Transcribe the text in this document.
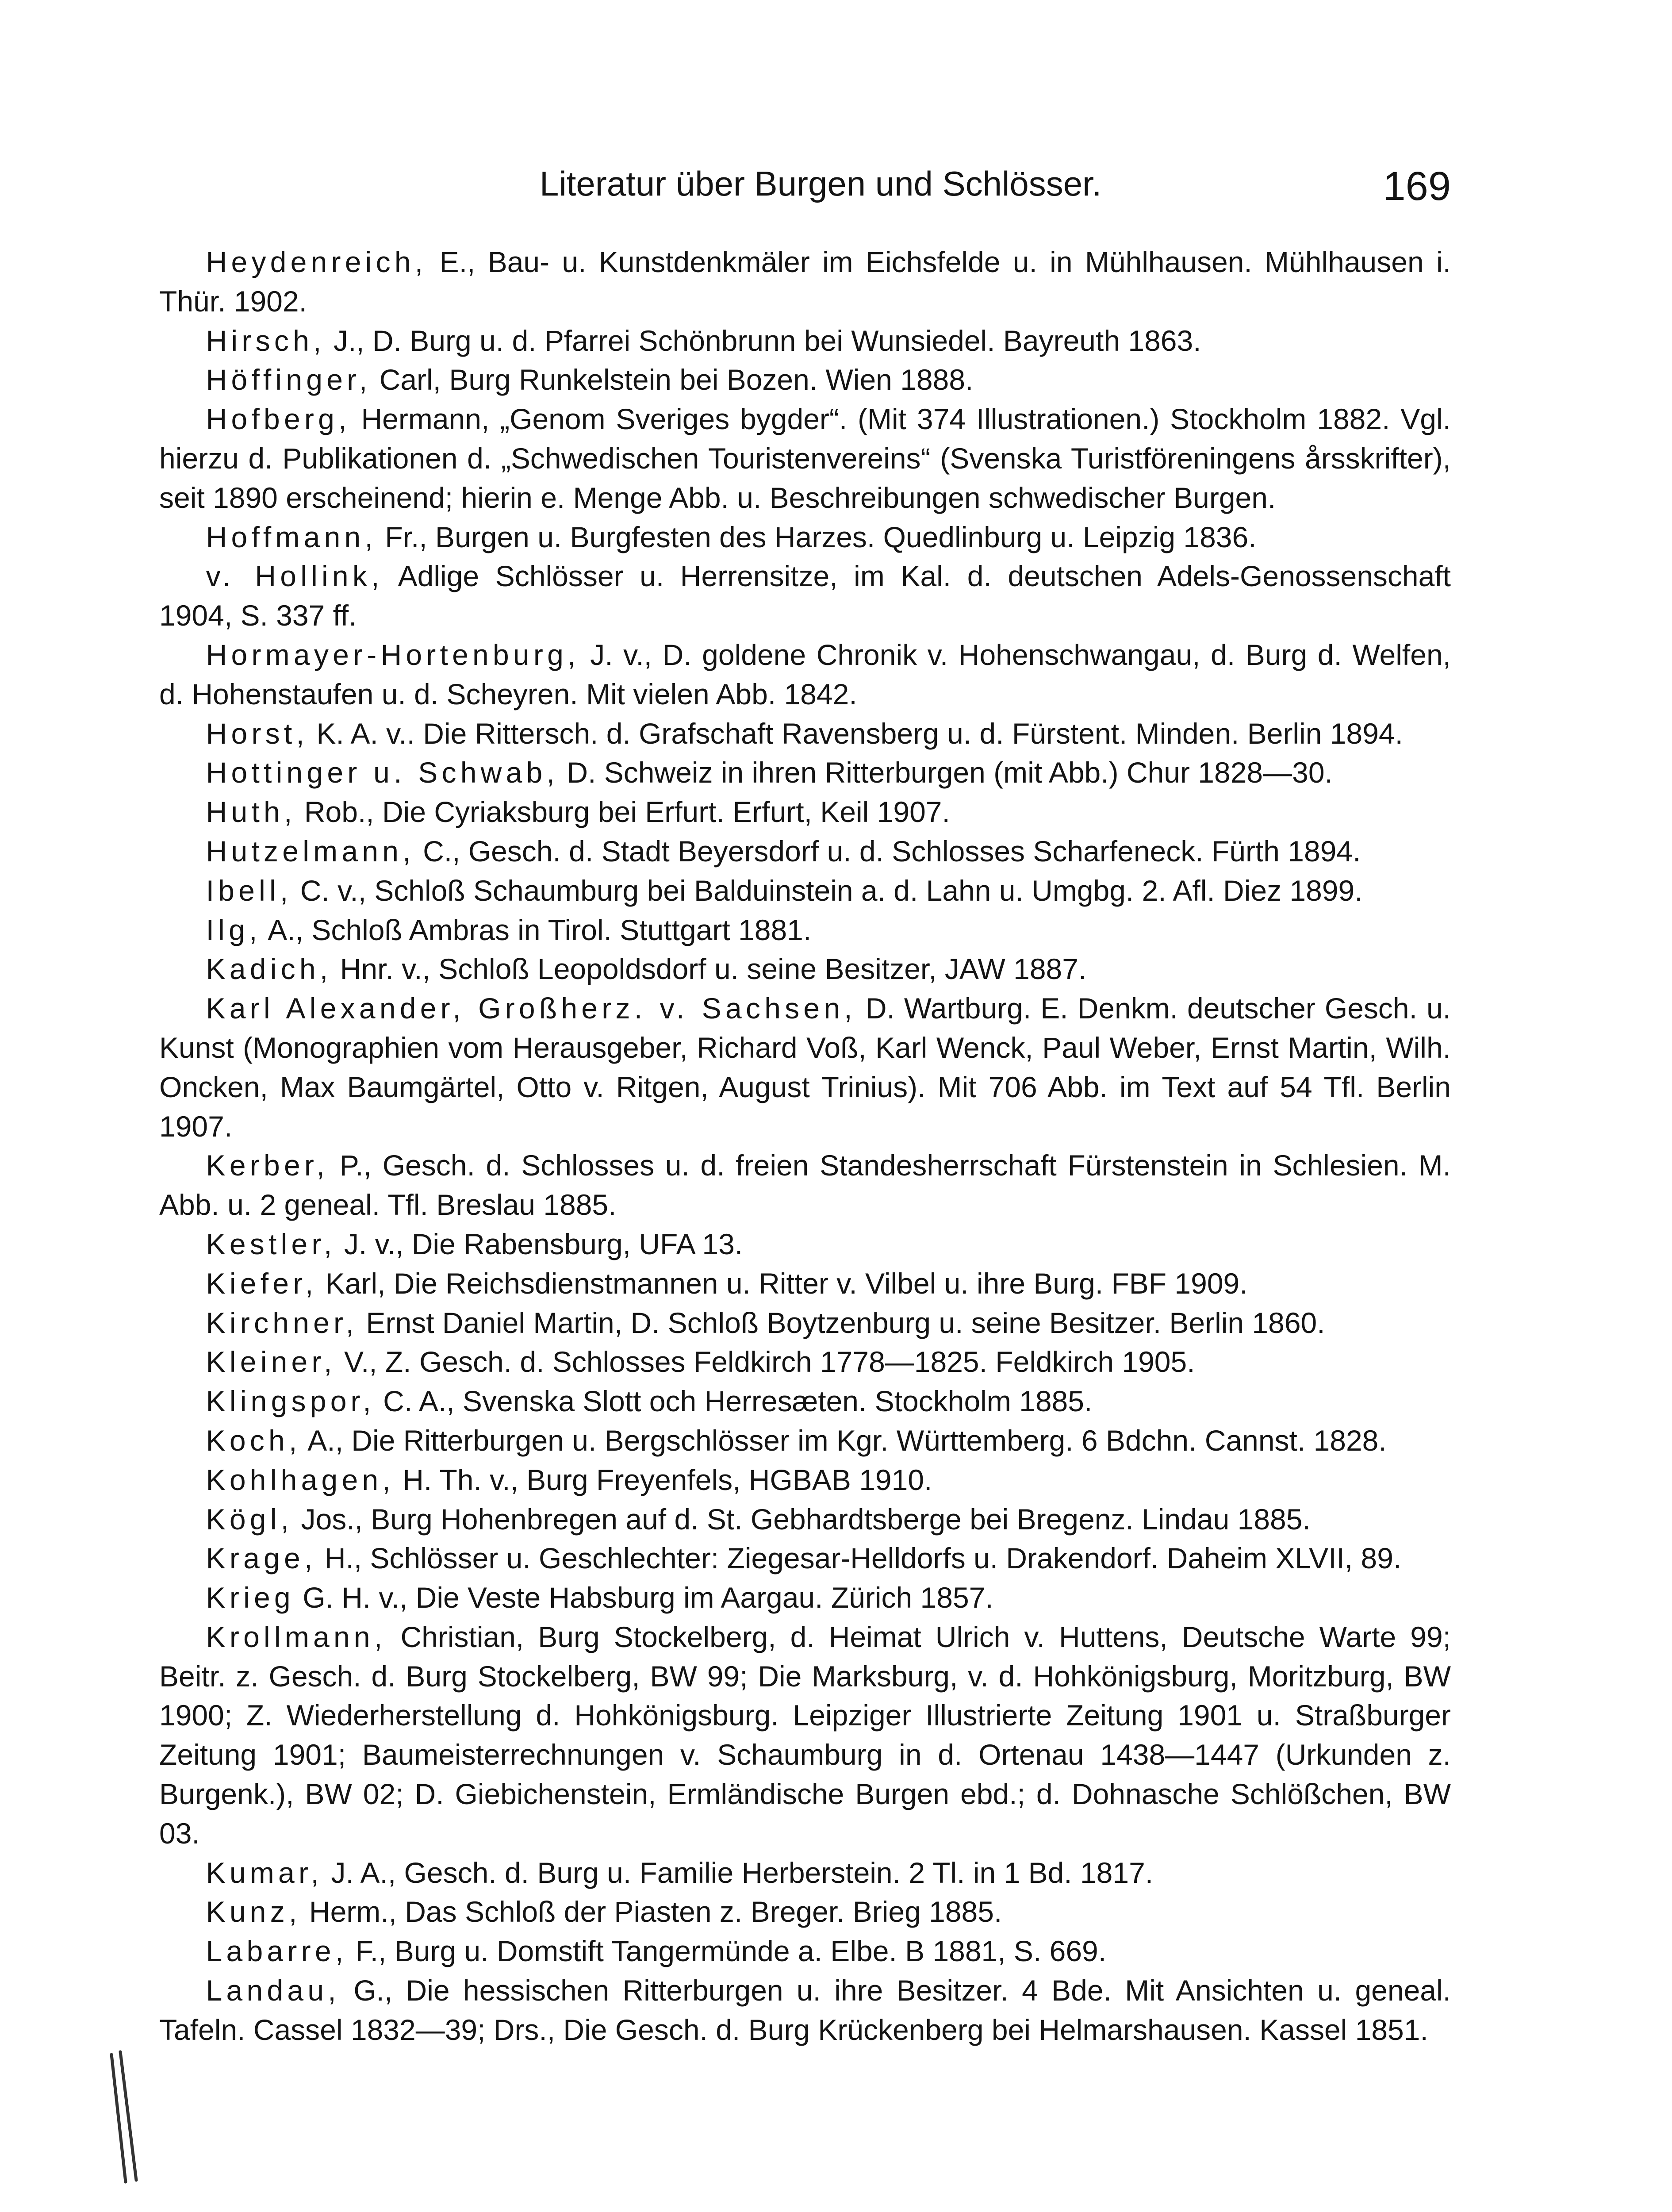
Literatur über Burgen und Schlösser.	169

Heydenreich, E., Bau- u. Kunstdenkmäler im Eichsfelde u. in Mühlhausen. Mühlhausen i. Thür. 1902.

Hirsch, J., D. Burg u. d. Pfarrei Schönbrunn bei Wunsiedel. Bayreuth 1863.

Höffinger, Carl, Burg Runkelstein bei Bozen. Wien 1888.

Hofberg, Hermann, „Genom Sveriges bygder“. (Mit 374 Illustrationen.) Stockholm 1882. Vgl. hierzu d. Publikationen d. „Schwedischen Touristenvereins“ (Svenska Turistföreningens årsskrifter), seit 1890 erscheinend; hierin e. Menge Abb. u. Beschreibungen schwedischer Burgen.

Hoffmann, Fr., Burgen u. Burgfesten des Harzes. Quedlinburg u. Leipzig 1836.

v. Hollink, Adlige Schlösser u. Herrensitze, im Kal. d. deutschen Adels-Genossenschaft 1904, S. 337 ff.

Hormayer-Hortenburg, J. v., D. goldene Chronik v. Hohenschwangau, d. Burg d. Welfen, d. Hohenstaufen u. d. Scheyren. Mit vielen Abb. 1842.

Horst, K. A. v.. Die Rittersch. d. Grafschaft Ravensberg u. d. Fürstent. Minden. Berlin 1894.

Hottinger u. Schwab, D. Schweiz in ihren Ritterburgen (mit Abb.) Chur 1828—30.

Huth, Rob., Die Cyriaksburg bei Erfurt. Erfurt, Keil 1907.

Hutzelmann, C., Gesch. d. Stadt Beyersdorf u. d. Schlosses Scharfeneck. Fürth 1894.

Ibell, C. v., Schloß Schaumburg bei Balduinstein a. d. Lahn u. Umgbg. 2. Afl. Diez 1899.

Ilg, A., Schloß Ambras in Tirol. Stuttgart 1881.

Kadich, Hnr. v., Schloß Leopoldsdorf u. seine Besitzer, JAW 1887.

Karl Alexander, Großherz. v. Sachsen, D. Wartburg. E. Denkm. deutscher Gesch. u. Kunst (Monographien vom Herausgeber, Richard Voß, Karl Wenck, Paul Weber, Ernst Martin, Wilh. Oncken, Max Baumgärtel, Otto v. Ritgen, August Trinius). Mit 706 Abb. im Text auf 54 Tfl. Berlin 1907.

Kerber, P., Gesch. d. Schlosses u. d. freien Standesherrschaft Fürstenstein in Schlesien. M. Abb. u. 2 geneal. Tfl. Breslau 1885.

Kestler, J. v., Die Rabensburg, UFA 13.

Kiefer, Karl, Die Reichsdienstmannen u. Ritter v. Vilbel u. ihre Burg. FBF 1909.

Kirchner, Ernst Daniel Martin, D. Schloß Boytzenburg u. seine Besitzer. Berlin 1860.

Kleiner, V., Z. Gesch. d. Schlosses Feldkirch 1778—1825. Feldkirch 1905.

Klingspor, C. A., Svenska Slott och Herresæten. Stockholm 1885.

Koch, A., Die Ritterburgen u. Bergschlösser im Kgr. Württemberg. 6 Bdchn. Cannst. 1828.

Kohlhagen, H. Th. v., Burg Freyenfels, HGBAB 1910.

Kögl, Jos., Burg Hohenbregen auf d. St. Gebhardtsberge bei Bregenz. Lindau 1885.

Krage, H., Schlösser u. Geschlechter: Ziegesar-Helldorfs u. Drakendorf. Daheim XLVII, 89.

Krieg G. H. v., Die Veste Habsburg im Aargau. Zürich 1857.

Krollmann, Christian, Burg Stockelberg, d. Heimat Ulrich v. Huttens, Deutsche Warte 99; Beitr. z. Gesch. d. Burg Stockelberg, BW 99; Die Marksburg, v. d. Hohkönigsburg, Moritzburg, BW 1900; Z. Wiederherstellung d. Hohkönigsburg. Leipziger Illustrierte Zeitung 1901 u. Straßburger Zeitung 1901; Baumeisterrechnungen v. Schaumburg in d. Ortenau 1438—1447 (Urkunden z. Burgenk.), BW 02; D. Giebichenstein, Ermländische Burgen ebd.; d. Dohnasche Schlößchen, BW 03.

Kumar, J. A., Gesch. d. Burg u. Familie Herberstein. 2 Tl. in 1 Bd. 1817.

Kunz, Herm., Das Schloß der Piasten z. Breger. Brieg 1885.

Labarre, F., Burg u. Domstift Tangermünde a. Elbe. B 1881, S. 669.

Landau, G., Die hessischen Ritterburgen u. ihre Besitzer. 4 Bde. Mit Ansichten u. geneal. Tafeln. Cassel 1832—39; Drs., Die Gesch. d. Burg Krückenberg bei Helmarshausen. Kassel 1851.
